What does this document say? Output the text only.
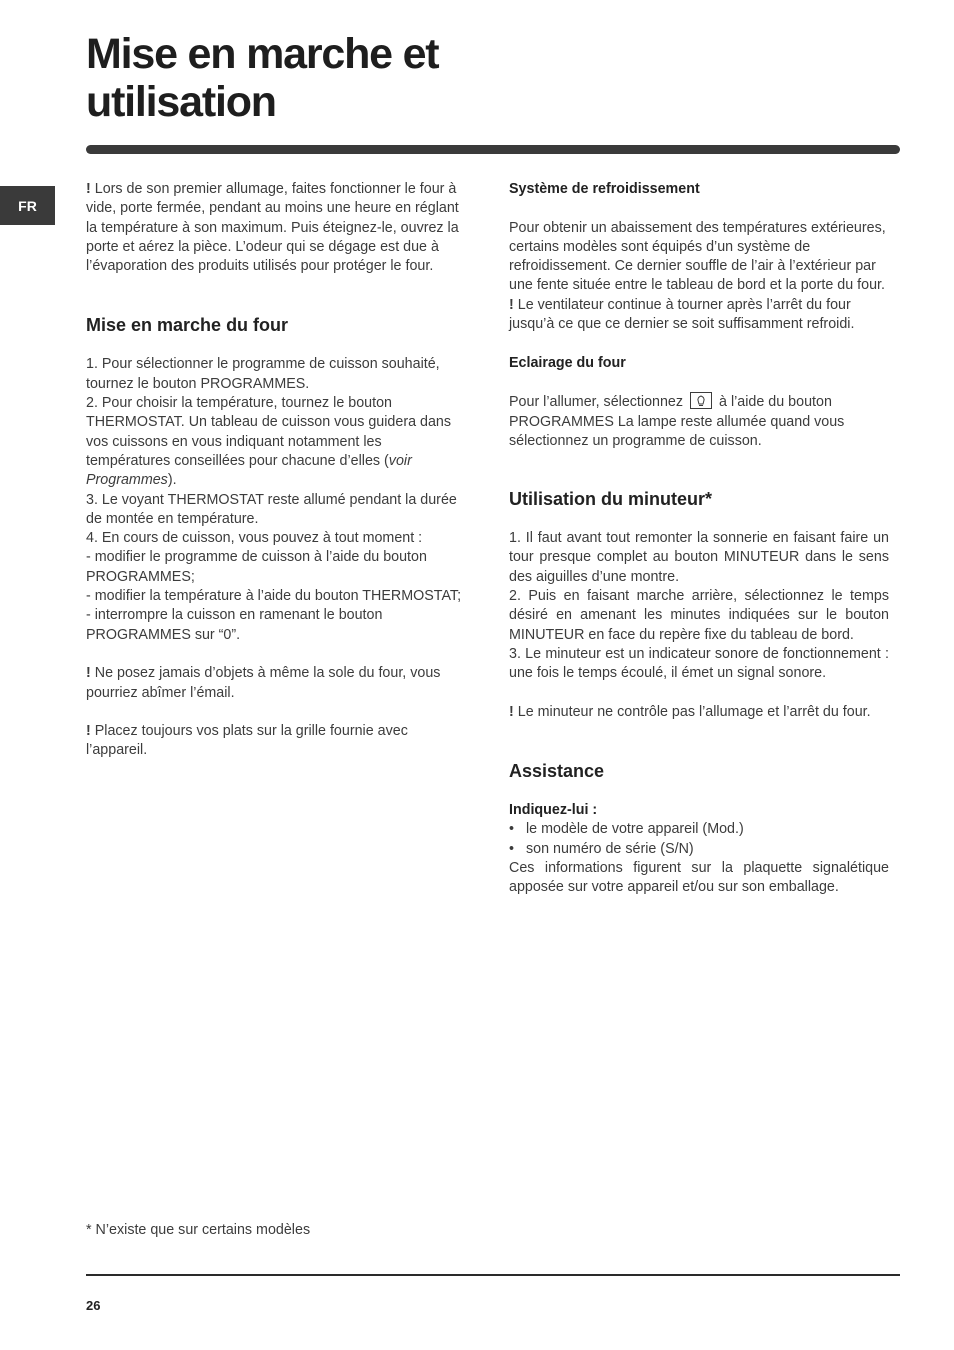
Mise en marche et utilisation
FR

! Lors de son premier allumage, faites fonctionner le four à vide, porte fermée, pendant au moins une heure en réglant la température à son maximum. Puis éteignez-le, ouvrez la porte et aérez la pièce. L’odeur qui se dégage est due à l’évaporation des produits utilisés pour protéger le four.

Mise en marche du four

1. Pour sélectionner le programme de cuisson souhaité, tournez le bouton PROGRAMMES.

2. Pour choisir la température, tournez le bouton THERMOSTAT. Un tableau de cuisson vous guidera dans vos cuissons en vous indiquant notamment les températures conseillées pour chacune d’elles (voir Programmes).

3. Le voyant THERMOSTAT reste allumé pendant la durée de montée en température.

4. En cours de cuisson, vous pouvez à tout moment :

- modifier le programme de cuisson à l’aide du bouton PROGRAMMES;

- modifier la température à l’aide du bouton THERMOSTAT;

- interrompre la cuisson en ramenant le bouton PROGRAMMES sur “0”.

! Ne posez jamais d’objets à même la sole du four, vous pourriez abîmer l’émail.

! Placez toujours vos plats sur la grille fournie avec l’appareil.

Système de refroidissement

Pour obtenir un abaissement des températures extérieures, certains modèles sont équipés d’un système de refroidissement. Ce dernier souffle de l’air à l’extérieur par une fente située entre le tableau de bord et la porte du four.

! Le ventilateur continue à tourner après l’arrêt du four jusqu’à ce que ce dernier se soit suffisamment refroidi.

Eclairage du four

Pour l’allumer, sélectionnez	à l’aide du bouton PROGRAMMES La lampe reste allumée quand vous sélectionnez un programme de cuisson.

Utilisation du minuteur*

1. Il faut avant tout remonter la sonnerie en faisant faire un tour presque complet au bouton MINUTEUR dans le sens des aiguilles d’une montre.

2. Puis en faisant marche arrière, sélectionnez le temps désiré en amenant les minutes indiquées sur le bouton MINUTEUR en face du repère fixe du tableau de bord.

3. Le minuteur est un indicateur sonore de fonctionnement : une fois le temps écoulé, il émet un signal sonore.

! Le minuteur ne contrôle pas l’allumage et l’arrêt du four.

Assistance
Indiquez-lui :

• le modèle de votre appareil (Mod.)

• son numéro de série (S/N)

Ces informations figurent sur la plaquette signalétique apposée sur votre appareil et/ou sur son emballage.

* N’existe que sur certains modèles
26
